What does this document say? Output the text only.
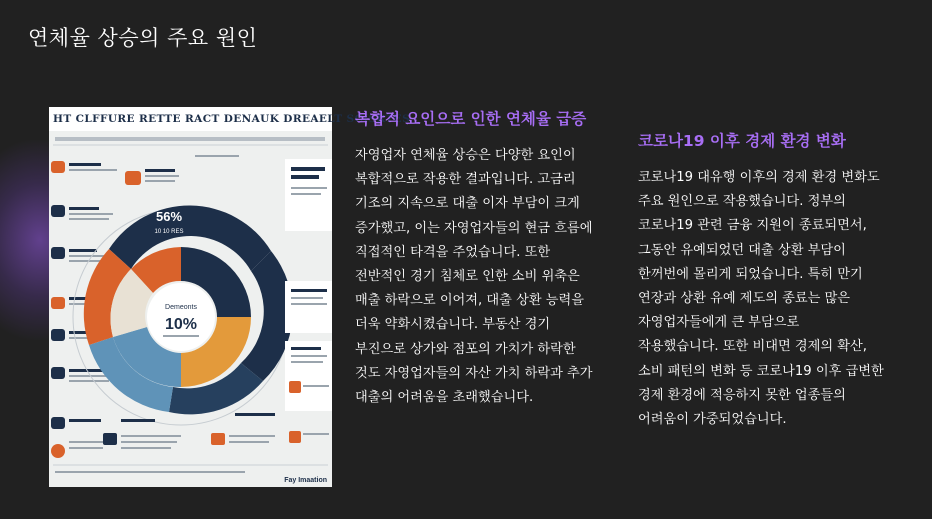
연체율 상승의 주요 원인
HT CLFFURE RETTE RACT DENAUK DREAELT SCISRTES
Demeonts
10%
56%
10 10 RES
Fay Imaation
복합적 요인으로 인한 연체율 급증

자영업자 연체율 상승은 다양한 요인이 복합적으로 작용한 결과입니다. 고금리 기조의 지속으로 대출 이자 부담이 크게 증가했고, 이는 자영업자들의 현금 흐름에 직접적인 타격을 주었습니다. 또한 전반적인 경기 침체로 인한 소비 위축은 매출 하락으로 이어져, 대출 상환 능력을 더욱 약화시켰습니다. 부동산 경기 부진으로 상가와 점포의 가치가 하락한 것도 자영업자들의 자산 가치 하락과 추가 대출의 어려움을 초래했습니다.

코로나19 이후 경제 환경 변화

코로나19 대유행 이후의 경제 환경 변화도 주요 원인으로 작용했습니다. 정부의 코로나19 관련 금융 지원이 종료되면서, 그동안 유예되었던 대출 상환 부담이 한꺼번에 몰리게 되었습니다. 특히 만기 연장과 상환 유예 제도의 종료는 많은 자영업자들에게 큰 부담으로 작용했습니다. 또한 비대면 경제의 확산, 소비 패턴의 변화 등 코로나19 이후 급변한 경제 환경에 적응하지 못한 업종들의 어려움이 가중되었습니다.
